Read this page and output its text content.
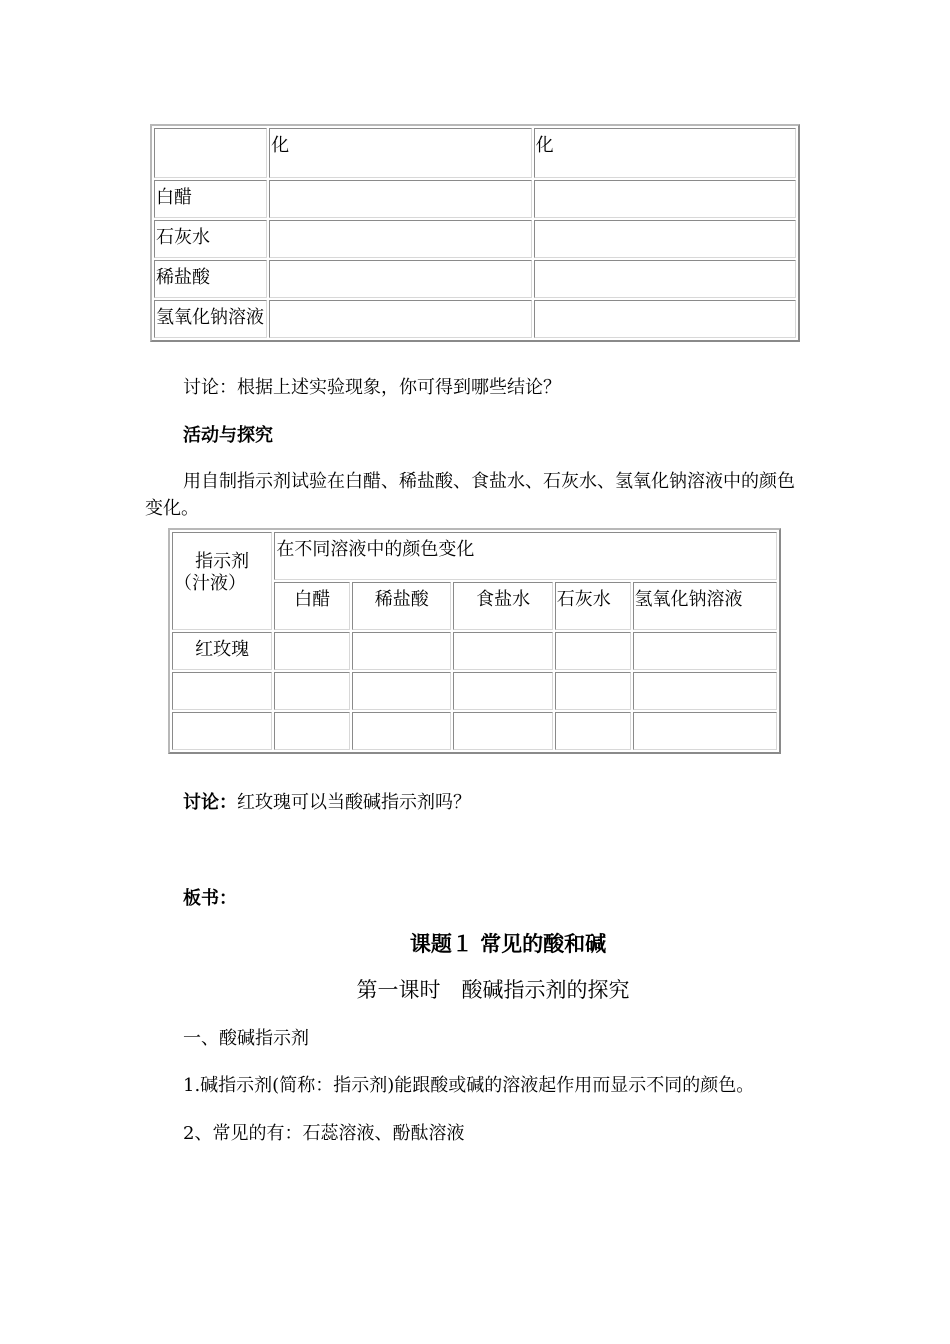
	化	化
白醋		
石灰水		
稀盐酸		
氢氧化钠溶液		
讨论：根据上述实验现象，你可得到哪些结论？
活动与探究
用自制指示剂试验在白醋、稀盐酸、食盐水、石灰水、氢氧化钠溶液中的颜色
变化。
指示剂
（汁液）	在不同溶液中的颜色变化				
	白醋	稀盐酸	食盐水	石灰水	氢氧化钠溶液
红玫瑰					

讨论：红玫瑰可以当酸碱指示剂吗？
板书：
课题１ 常见的酸和碱
第一课时　酸碱指示剂的探究
一、酸碱指示剂
1.碱指示剂(简称：指示剂)能跟酸或碱的溶液起作用而显示不同的颜色。
2、常见的有：石蕊溶液、酚酞溶液
